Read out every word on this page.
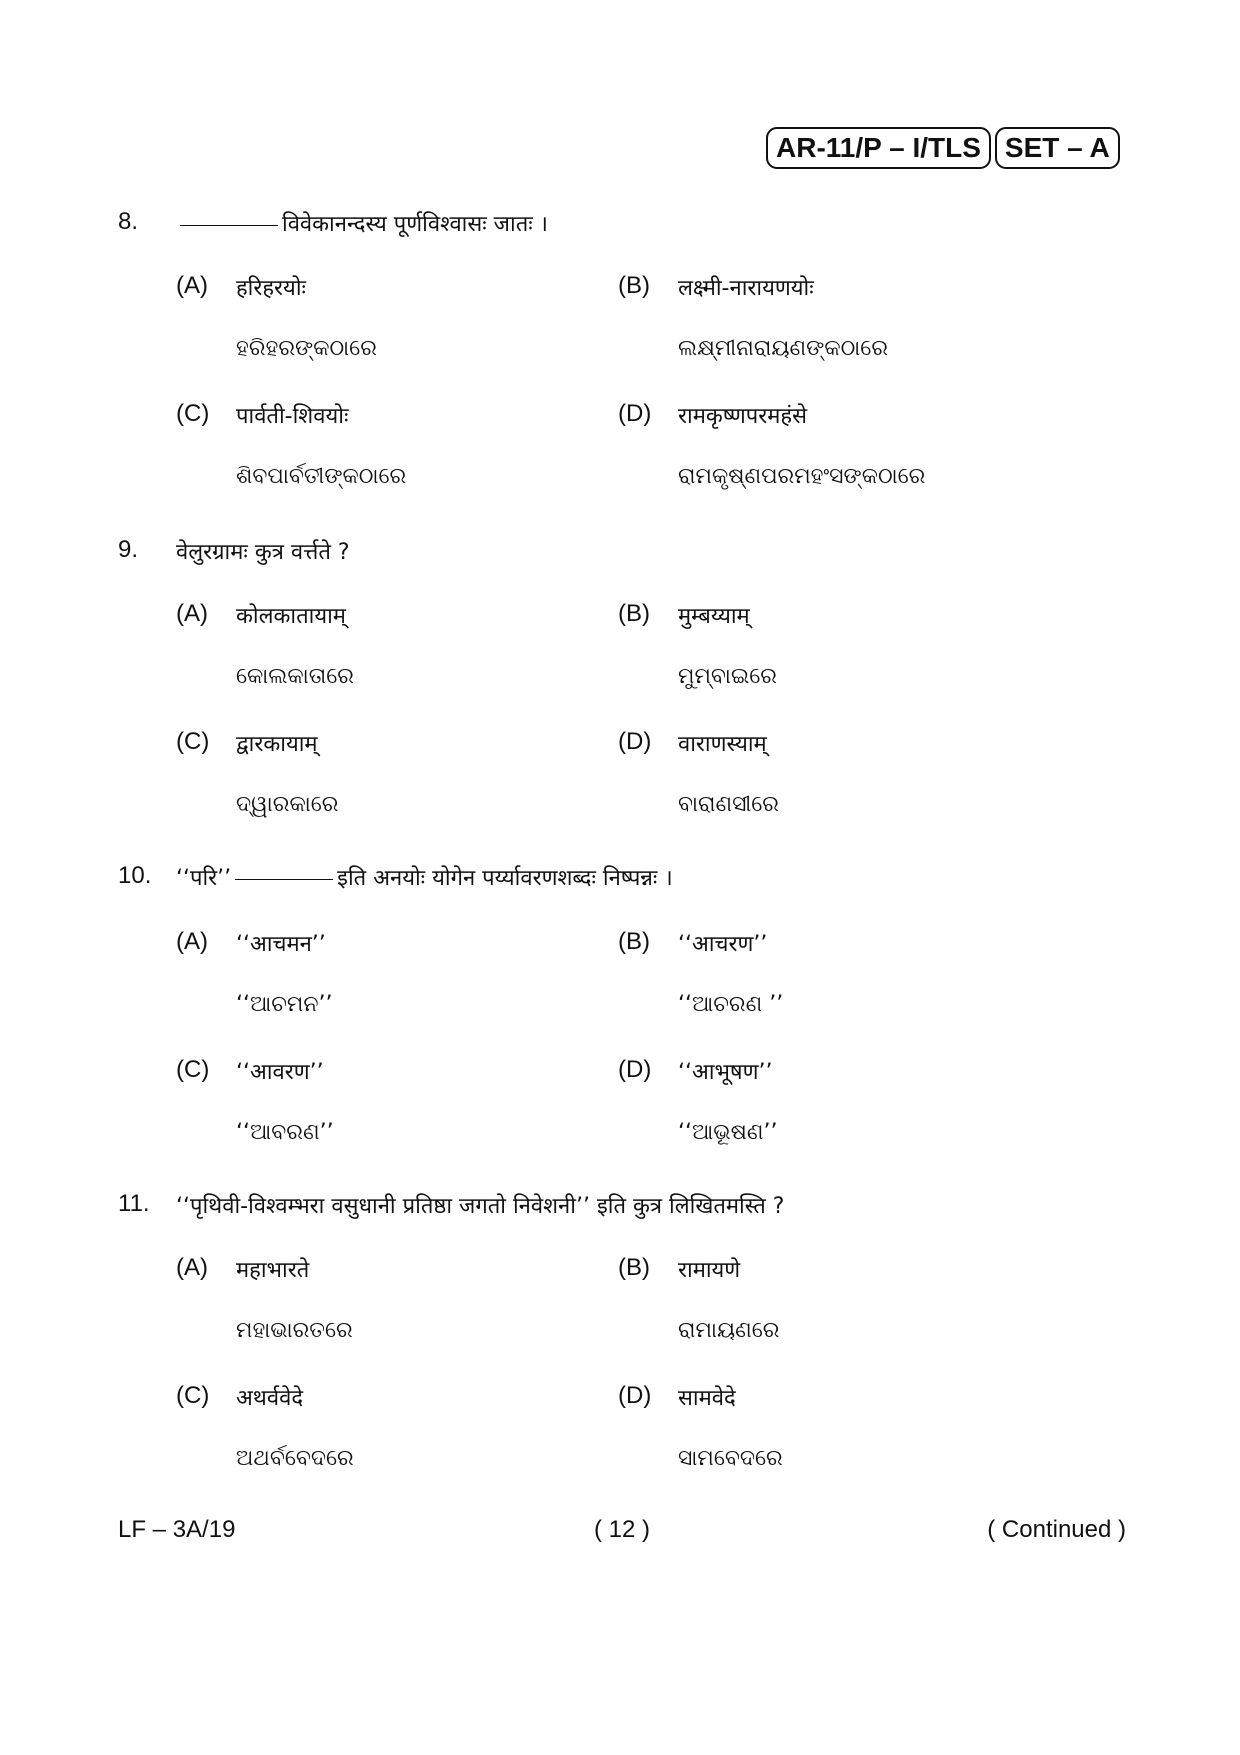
AR-11/P – I/TLS SET – A
8.	विवेकानन्दस्य पूर्णविश्वासः जातः ।
(A) हरिहरयोः
ହରିହରଙ୍କଠାରେ
(B) लक्ष्मी-नारायणयोः
ଲକ୍ଷ୍ମୀନାରାୟଣଙ୍କଠାରେ
(C) पार्वती-शिवयोः
ଶିବପାର୍ବତୀଙ୍କଠାରେ
(D) रामकृष्णपरमहंसे
ରାମକୃଷ୍ଣପରମହଂସଙ୍କଠାରେ
9. वेलुरग्रामः कुत्र वर्त्तते ?
(A) कोलकातायाम्
କୋଲକାତାରେ
(B) मुम्बय्याम्
ମୁମ୍ବାଇରେ
(C) द्वारकायाम्
ଦ୍ୱାରକାରେ
(D) वाराणस्याम्
ବାରାଣସୀରେ
10. ‘‘परि’’	इति अनयोः योगेन पर्य्यावरणशब्दः निष्पन्नः ।
(A) ‘‘आचमन’’
‘‘ଆଚମନ’’
(B) ‘‘आचरण’’
‘‘ଆଚରଣ ’’
(C) ‘‘आवरण’’
‘‘ଆବରଣ’’
(D) ‘‘आभूषण’’
‘‘ଆଭୂଷଣ’’
11. ‘‘पृथिवी-विश्वम्भरा वसुधानी प्रतिष्ठा जगतो निवेशनी’’ इति कुत्र लिखितमस्ति ?
(A) महाभारते
ମହାଭାରତରେ
(B) रामायणे
ରାମାୟଣରେ
(C) अथर्ववेदे
ଅଥର୍ବବେଦରେ
(D) सामवेदे
ସାମବେଦରେ
LF – 3A/19	( 12 )	( Continued )
